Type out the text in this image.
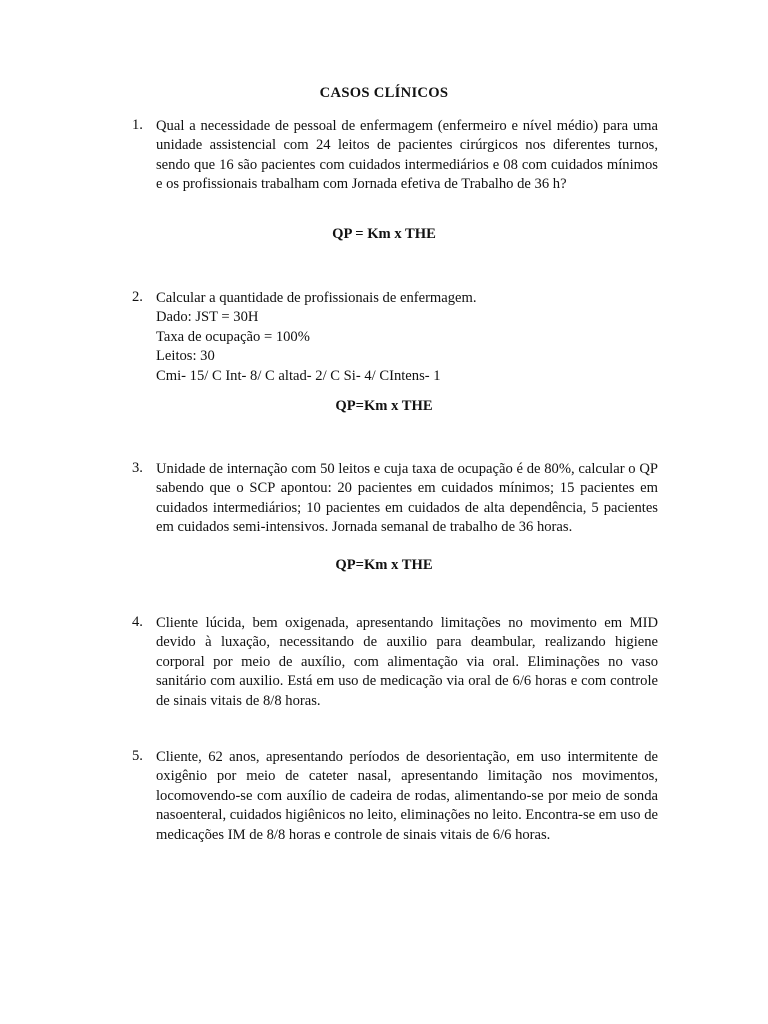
CASOS CLÍNICOS
1. Qual a necessidade de pessoal de enfermagem (enfermeiro e nível médio) para uma unidade assistencial com 24 leitos de pacientes cirúrgicos nos diferentes turnos, sendo que 16 são pacientes com cuidados intermediários e 08 com cuidados mínimos e os profissionais trabalham com Jornada efetiva de Trabalho de 36 h?
QP = Km x THE
2. Calcular a quantidade de profissionais de enfermagem.
Dado: JST = 30H
Taxa de ocupação = 100%
Leitos: 30
Cmi- 15/ C Int- 8/ C altad- 2/ C Si- 4/ CIntens- 1
QP=Km x THE
3. Unidade de internação com 50 leitos e cuja taxa de ocupação é de 80%, calcular o QP sabendo que o SCP apontou: 20 pacientes em cuidados mínimos; 15 pacientes em cuidados intermediários; 10 pacientes em cuidados de alta dependência, 5 pacientes em cuidados semi-intensivos. Jornada semanal de trabalho de 36 horas.
QP=Km x THE
4. Cliente lúcida, bem oxigenada, apresentando limitações no movimento em MID devido à luxação, necessitando de auxilio para deambular, realizando higiene corporal por meio de auxílio, com alimentação via oral. Eliminações no vaso sanitário com auxilio. Está em uso de medicação via oral de 6/6 horas e com controle de sinais vitais de 8/8 horas.
5. Cliente, 62 anos, apresentando períodos de desorientação, em uso intermitente de oxigênio por meio de cateter nasal, apresentando limitação nos movimentos, locomovendo-se com auxílio de cadeira de rodas, alimentando-se por meio de sonda nasoenteral, cuidados higiênicos no leito, eliminações no leito. Encontra-se em uso de medicações IM de 8/8 horas e controle de sinais vitais de 6/6 horas.
